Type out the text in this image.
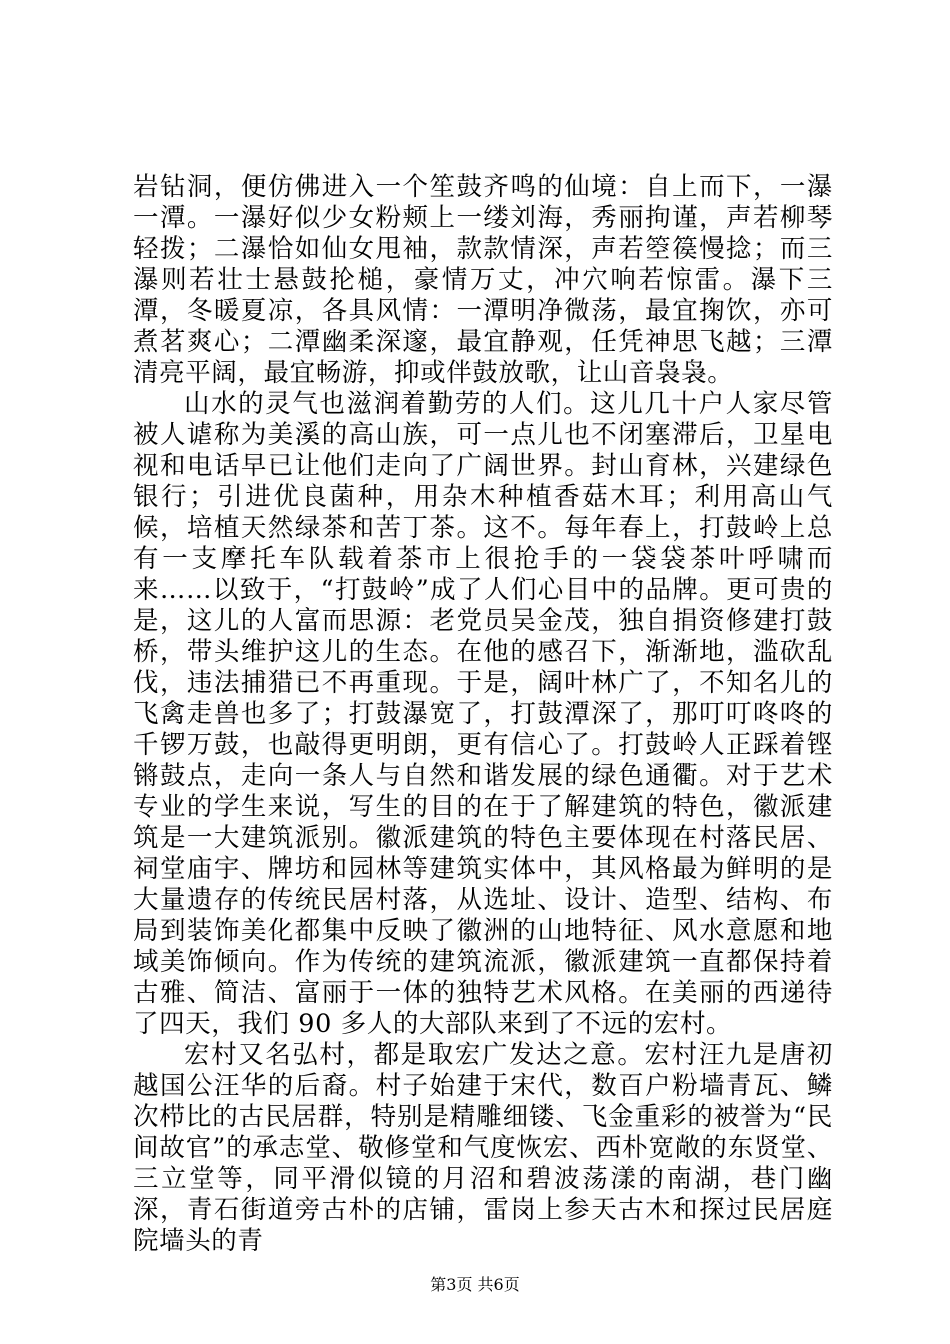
岩钻洞，便仿佛进入一个笙鼓齐鸣的仙境：自上而下，一瀑一潭。一瀑好似少女粉颊上一缕刘海，秀丽拘谨，声若柳琴轻拨；二瀑恰如仙女甩袖，款款情深，声若箜篌慢捻；而三瀑则若壮士悬鼓抡槌，豪情万丈，冲穴响若惊雷。瀑下三潭，冬暖夏凉，各具风情：一潭明净微荡，最宜掬饮，亦可煮茗爽心；二潭幽柔深邃，最宜静观，任凭神思飞越；三潭清亮平阔，最宜畅游，抑或伴鼓放歌，让山音袅袅。

山水的灵气也滋润着勤劳的人们。这儿几十户人家尽管被人谑称为美溪的高山族，可一点儿也不闭塞滞后，卫星电视和电话早已让他们走向了广阔世界。封山育林，兴建绿色银行；引进优良菌种，用杂木种植香菇木耳；利用高山气候，培植天然绿茶和苦丁茶。这不。每年春上，打鼓岭上总有一支摩托车队载着茶市上很抢手的一袋袋茶叶呼啸而来……以致于，“打鼓岭”成了人们心目中的品牌。更可贵的是，这儿的人富而思源：老党员吴金茂，独自捐资修建打鼓桥，带头维护这儿的生态。在他的感召下，渐渐地，滥砍乱伐，违法捕猎已不再重现。于是，阔叶林广了，不知名儿的飞禽走兽也多了；打鼓瀑宽了，打鼓潭深了，那叮叮咚咚的千锣万鼓，也敲得更明朗，更有信心了。打鼓岭人正踩着铿锵鼓点，走向一条人与自然和谐发展的绿色通衢。对于艺术专业的学生来说，写生的目的在于了解建筑的特色，徽派建筑是一大建筑派别。徽派建筑的特色主要体现在村落民居、祠堂庙宇、牌坊和园林等建筑实体中，其风格最为鲜明的是大量遗存的传统民居村落，从选址、设计、造型、结构、布局到装饰美化都集中反映了徽洲的山地特征、风水意愿和地域美饰倾向。作为传统的建筑流派，徽派建筑一直都保持着古雅、简洁、富丽于一体的独特艺术风格。在美丽的西递待了四天，我们 90 多人的大部队来到了不远的宏村。

宏村又名弘村，都是取宏广发达之意。宏村汪九是唐初越国公汪华的后裔。村子始建于宋代，数百户粉墙青瓦、鳞次栉比的古民居群，特别是精雕细镂、飞金重彩的被誉为“民间故官”的承志堂、敬修堂和气度恢宏、西朴宽敞的东贤堂、三立堂等，同平滑似镜的月沼和碧波荡漾的南湖，巷门幽深，青石街道旁古朴的店铺，雷岗上参天古木和探过民居庭院墙头的青

第3页 共6页
